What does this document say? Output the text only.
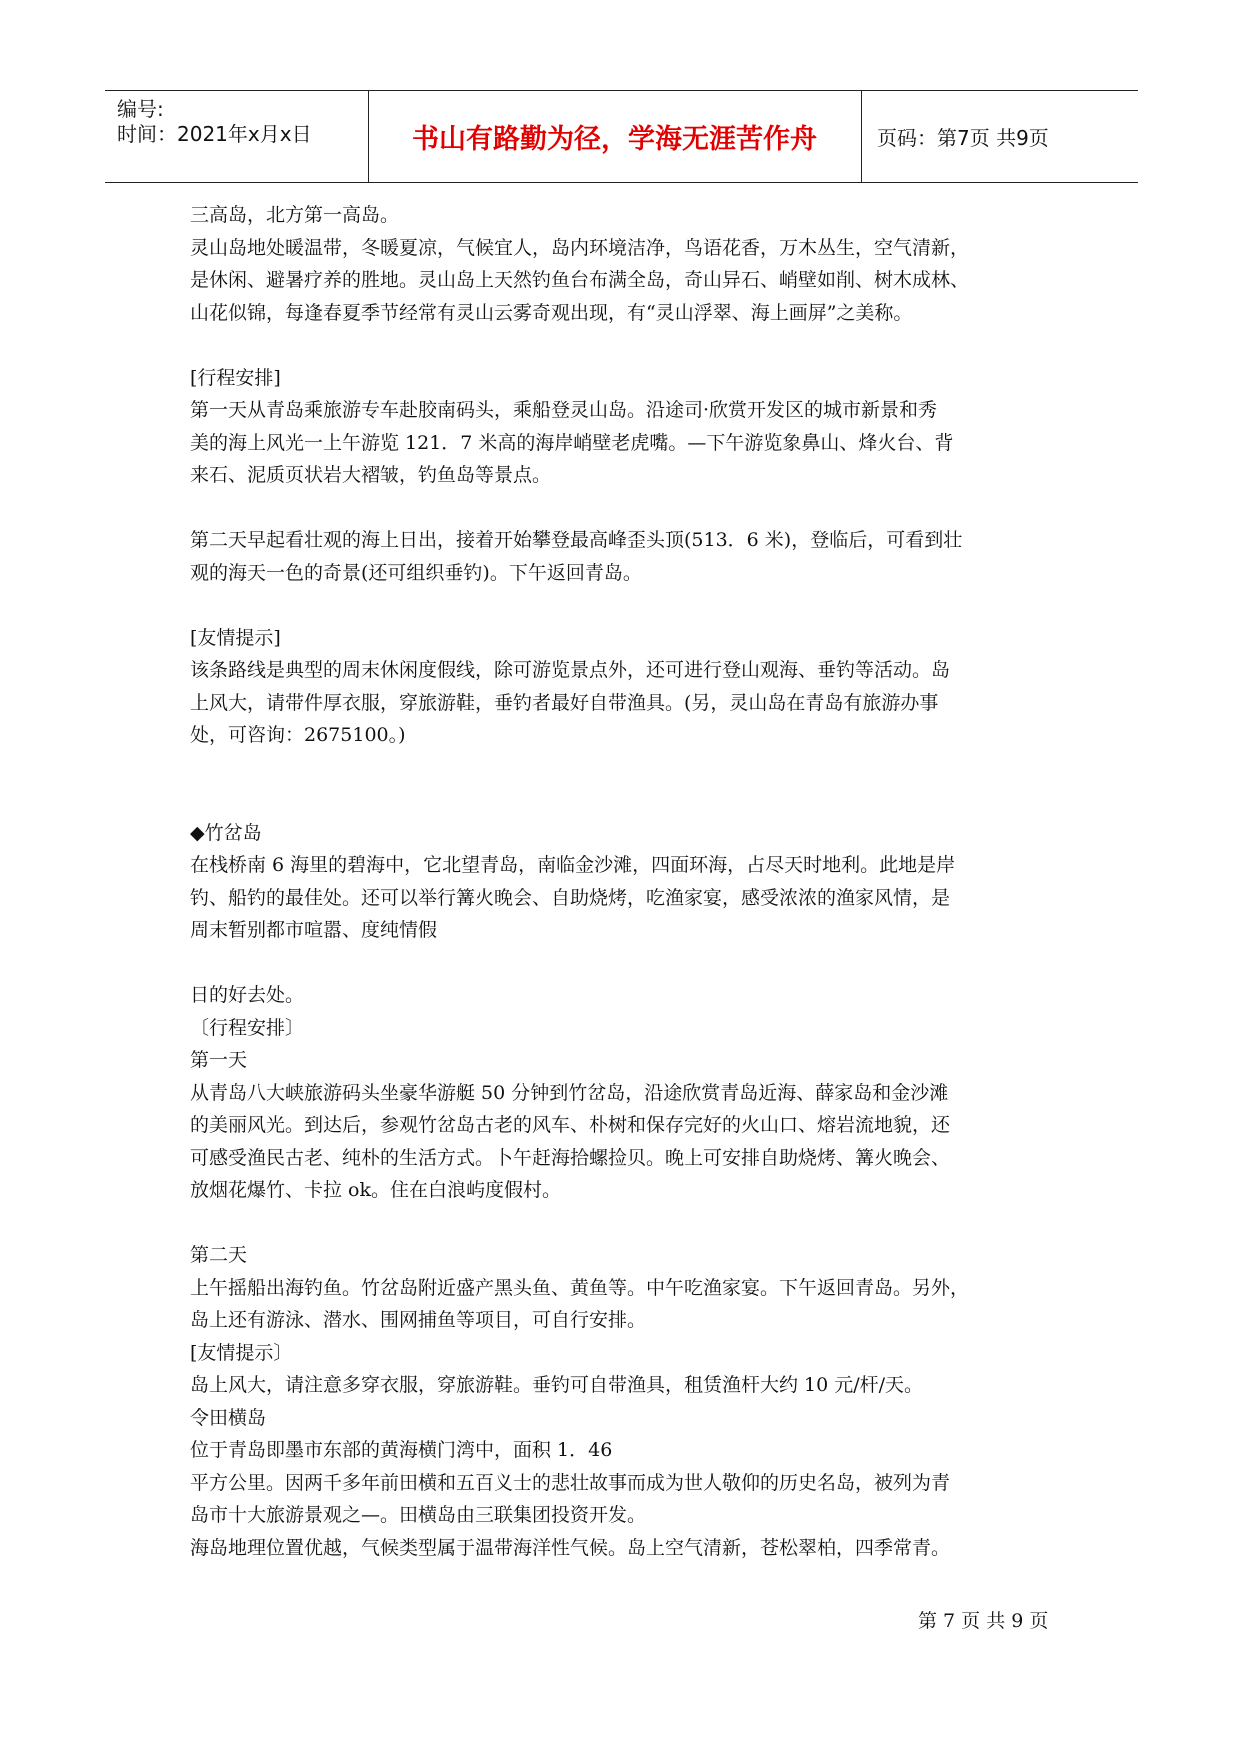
编号:
时间：2021年x月x日	书山有路勤为径，学海无涯苦作舟	页码：第7页 共9页
三高岛，北方第一高岛。
灵山岛地处暖温带，冬暖夏凉，气候宜人，岛内环境洁净，鸟语花香，万木丛生，空气清新，
是休闲、避暑疗养的胜地。灵山岛上天然钓鱼台布满全岛，奇山异石、峭壁如削、树木成林、
山花似锦，每逢春夏季节经常有灵山云雾奇观出现，有“灵山浮翠、海上画屏”之美称。
[行程安排]
第一天从青岛乘旅游专车赴胶南码头，乘船登灵山岛。沿途司·欣赏开发区的城市新景和秀
美的海上风光一上午游览 121．7 米高的海岸峭壁老虎嘴。—下午游览象鼻山、烽火台、背
来石、泥质页状岩大褶皱，钓鱼岛等景点。
第二天早起看壮观的海上日出，接着开始攀登最高峰歪头顶(513．6 米)，登临后，可看到壮
观的海天一色的奇景(还可组织垂钓)。下午返回青岛。
[友情提示]
该条路线是典型的周末休闲度假线，除可游览景点外，还可进行登山观海、垂钓等活动。岛
上风大，请带件厚衣服，穿旅游鞋，垂钓者最好自带渔具。(另，灵山岛在青岛有旅游办事
处，可咨询：2675100。)
◆竹岔岛
在栈桥南 6 海里的碧海中，它北望青岛，南临金沙滩，四面环海，占尽天时地利。此地是岸
钓、船钓的最佳处。还可以举行篝火晚会、自助烧烤，吃渔家宴，感受浓浓的渔家风情，是
周末暂别都市喧嚣、度纯情假
日的好去处。
〔行程安排〕
第一天
从青岛八大峡旅游码头坐豪华游艇 50 分钟到竹岔岛，沿途欣赏青岛近海、薛家岛和金沙滩
的美丽风光。到达后，参观竹岔岛古老的风车、朴树和保存完好的火山口、熔岩流地貌，还
可感受渔民古老、纯朴的生活方式。卜午赶海拾螺捡贝。晚上可安排自助烧烤、篝火晚会、
放烟花爆竹、卡拉 ok。住在白浪屿度假村。
第二天
上午摇船出海钓鱼。竹岔岛附近盛产黑头鱼、黄鱼等。中午吃渔家宴。下午返回青岛。另外，
岛上还有游泳、潜水、围网捕鱼等项目，可自行安排。
[友情提示〕
岛上风大，请注意多穿衣服，穿旅游鞋。垂钓可自带渔具，租赁渔杆大约 10 元/杆/天。
令田横岛
位于青岛即墨市东部的黄海横门湾中，面积 1．46
平方公里。因两千多年前田横和五百义士的悲壮故事而成为世人敬仰的历史名岛，被列为青
岛市十大旅游景观之—。田横岛由三联集团投资开发。
海岛地理位置优越，气候类型属于温带海洋性气候。岛上空气清新，苍松翠柏，四季常青。
第 7 页 共 9 页
